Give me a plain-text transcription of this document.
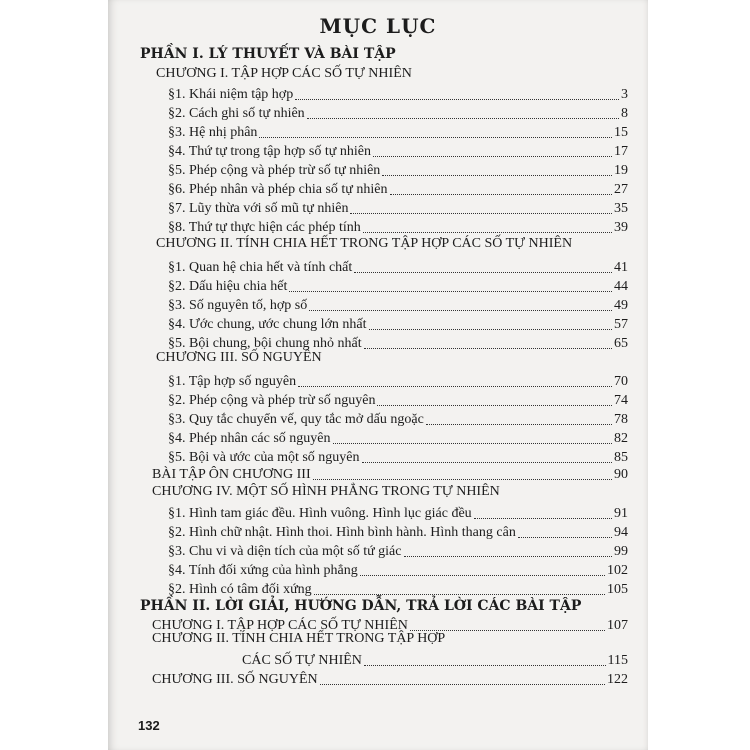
MỤC LỤC
PHẦN I. LÝ THUYẾT VÀ BÀI TẬP
CHƯƠNG I. TẬP HỢP CÁC SỐ TỰ NHIÊN
§1. Khái niệm tập hợp	3
§2. Cách ghi số tự nhiên	8
§3. Hệ nhị phân	15
§4. Thứ tự trong tập hợp số tự nhiên	17
§5. Phép cộng và phép trừ số tự nhiên	19
§6. Phép nhân và phép chia số tự nhiên	27
§7. Lũy thừa với số mũ tự nhiên	35
§8. Thứ tự thực hiện các phép tính	39
CHƯƠNG II. TÍNH CHIA HẾT TRONG TẬP HỢP CÁC SỐ TỰ NHIÊN
§1. Quan hệ chia hết và tính chất	41
§2. Dấu hiệu chia hết	44
§3. Số nguyên tố, hợp số	49
§4. Ước chung, ước chung lớn nhất	57
§5. Bội chung, bội chung nhỏ nhất	65
CHƯƠNG III. SỐ NGUYÊN
§1. Tập hợp số nguyên	70
§2. Phép cộng và phép trừ số nguyên	74
§3. Quy tắc chuyển vế, quy tắc mở dấu ngoặc	78
§4. Phép nhân các số nguyên	82
§5. Bội và ước của một số nguyên	85
BÀI TẬP ÔN CHƯƠNG III	90
CHƯƠNG IV. MỘT SỐ HÌNH PHẲNG TRONG TỰ NHIÊN
§1. Hình tam giác đều. Hình vuông. Hình lục giác đều	91
§2. Hình chữ nhật. Hình thoi. Hình bình hành. Hình thang cân	94
§3. Chu vi và diện tích của một số tứ giác	99
§4. Tính đối xứng của hình phẳng	102
§2. Hình có tâm đối xứng	105
PHẦN II. LỜI GIẢI, HƯỚNG DẪN, TRẢ LỜI CÁC BÀI TẬP
CHƯƠNG I. TẬP HỢP CÁC SỐ TỰ NHIÊN	107
CHƯƠNG II. TÍNH CHIA HẾT TRONG TẬP HỢP
CÁC SỐ TỰ NHIÊN	115
CHƯƠNG III. SỐ NGUYÊN	122
132
